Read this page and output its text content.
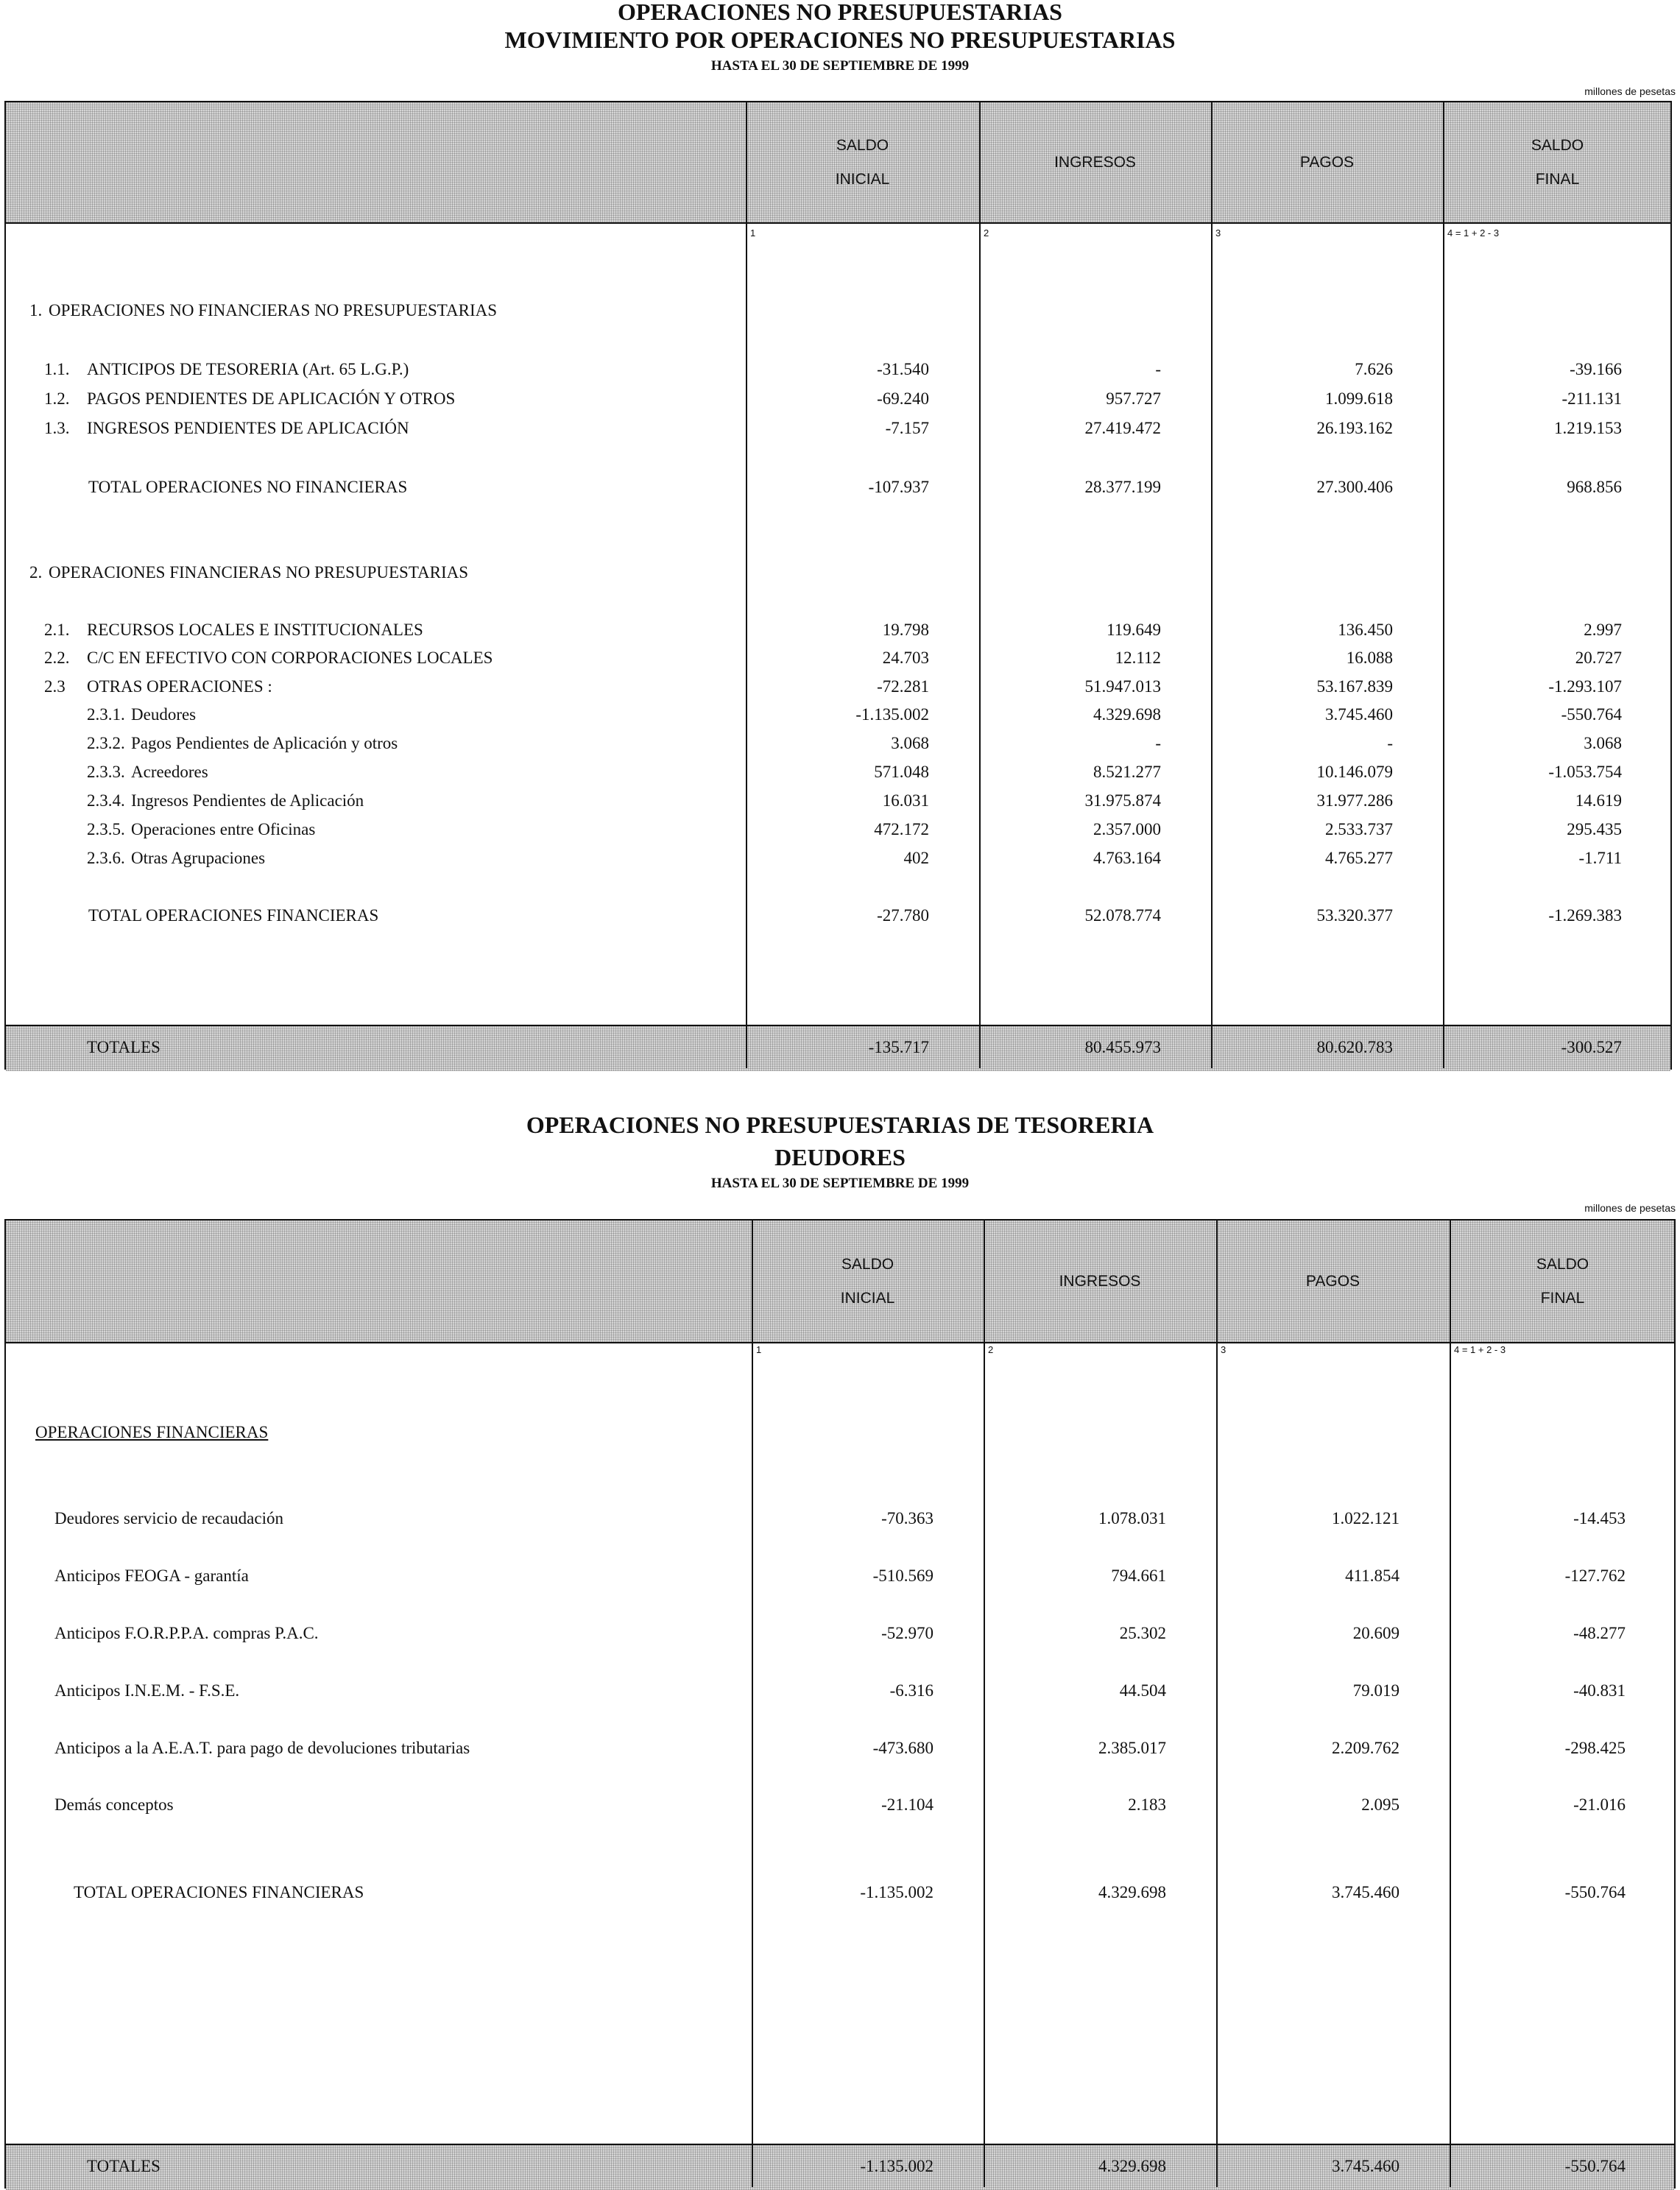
OPERACIONES NO PRESUPUESTARIAS
MOVIMIENTO POR OPERACIONES NO PRESUPUESTARIAS
HASTA EL 30 DE SEPTIEMBRE DE 1999
millones de pesetas
SALDO
INICIAL
INGRESOS	PAGOS
SALDO
FINAL
1	2	3	4 = 1 + 2 - 3
1. OPERACIONES NO FINANCIERAS NO PRESUPUESTARIAS
1.1. ANTICIPOS DE TESORERIA (Art. 65 L.G.P.)	-31.540	-	7.626	-39.166
1.2. PAGOS PENDIENTES DE APLICACIÓN Y OTROS	-69.240	957.727	1.099.618	-211.131
1.3. INGRESOS PENDIENTES DE APLICACIÓN	-7.157	27.419.472	26.193.162	1.219.153
TOTAL OPERACIONES NO FINANCIERAS	-107.937	28.377.199	27.300.406	968.856
2. OPERACIONES FINANCIERAS NO PRESUPUESTARIAS
2.1. RECURSOS LOCALES E INSTITUCIONALES	19.798	119.649	136.450	2.997
2.2. C/C EN EFECTIVO CON CORPORACIONES LOCALES	24.703	12.112	16.088	20.727
2.3 OTRAS OPERACIONES :	-72.281	51.947.013	53.167.839	-1.293.107
2.3.1. Deudores	-1.135.002	4.329.698	3.745.460	-550.764
2.3.2. Pagos Pendientes de Aplicación y otros	3.068	-	-	3.068
2.3.3. Acreedores	571.048	8.521.277	10.146.079	-1.053.754
2.3.4. Ingresos Pendientes de Aplicación	16.031	31.975.874	31.977.286	14.619
2.3.5. Operaciones entre Oficinas	472.172	2.357.000	2.533.737	295.435
2.3.6. Otras Agrupaciones	402	4.763.164	4.765.277	-1.711
TOTAL OPERACIONES FINANCIERAS	-27.780	52.078.774	53.320.377	-1.269.383
TOTALES	-135.717	80.455.973	80.620.783	-300.527
OPERACIONES NO PRESUPUESTARIAS DE TESORERIA
DEUDORES
HASTA EL 30 DE SEPTIEMBRE DE 1999
millones de pesetas
SALDO
INICIAL
INGRESOS	PAGOS
SALDO
FINAL
1	2	3	4 = 1 + 2 - 3
OPERACIONES FINANCIERAS
Deudores servicio de recaudación	-70.363	1.078.031	1.022.121	-14.453
Anticipos FEOGA - garantía	-510.569	794.661	411.854	-127.762
Anticipos F.O.R.P.P.A. compras P.A.C.	-52.970	25.302	20.609	-48.277
Anticipos I.N.E.M. - F.S.E.	-6.316	44.504	79.019	-40.831
Anticipos a la A.E.A.T. para pago de devoluciones tributarias	-473.680	2.385.017	2.209.762	-298.425
Demás conceptos	-21.104	2.183	2.095	-21.016
TOTAL OPERACIONES FINANCIERAS	-1.135.002	4.329.698	3.745.460	-550.764
TOTALES	-1.135.002	4.329.698	3.745.460	-550.764
